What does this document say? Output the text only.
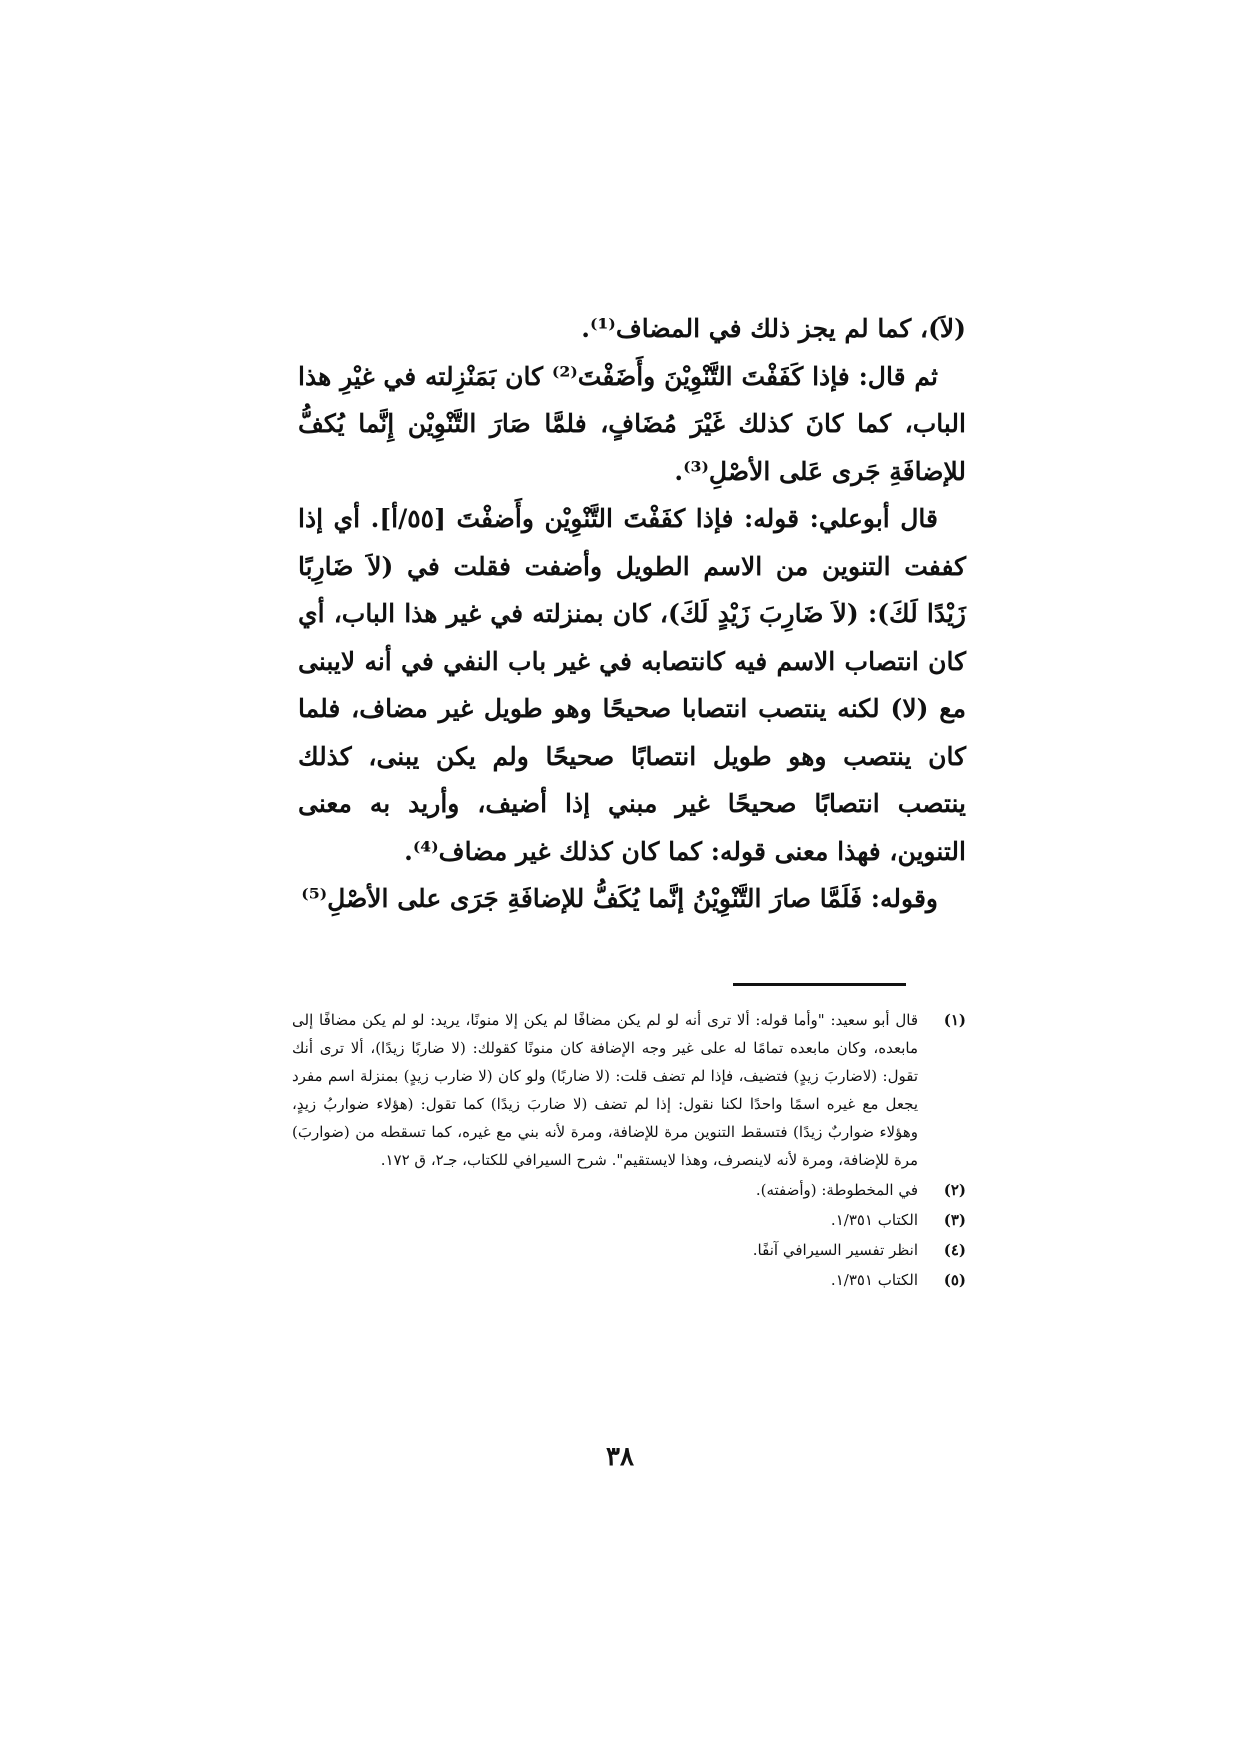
(لاَ)، كما لم يجز ذلك في المضاف⁽¹⁾.

ثم قال: فإذا كَفَفْتَ التَّنْوِيْنَ وأَضَفْتَ⁽²⁾ كان بَمَنْزِلته في غيْرِ هذا الباب، كما كانَ كذلك غَيْرَ مُضَافٍ، فلمَّا صَارَ التَّنْوِيْن إِنَّما يُكفُّ للإضافَةِ جَرى عَلى الأصْلِ⁽³⁾.

قال أبوعلي: قوله: فإذا كفَفْتَ التَّنْوِيْن وأَضفْتَ [٥٥/أ]. أي إذا كففت التنوين من الاسم الطويل وأضفت فقلت في (لاَ ضَارِبًا زَيْدًا لَكَ): (لاَ ضَارِبَ زَيْدٍ لَكَ)، كان بمنزلته في غير هذا الباب، أي كان انتصاب الاسم فيه كانتصابه في غير باب النفي في أنه لايبنى مع (لا) لكنه ينتصب انتصابا صحيحًا وهو طويل غير مضاف، فلما كان ينتصب وهو طويل انتصابًا صحيحًا ولم يكن يبنى، كذلك ينتصب انتصابًا صحيحًا غير مبني إذا أضيف، وأريد به معنى التنوين، فهذا معنى قوله: كما كان كذلك غير مضاف⁽⁴⁾.

وقوله: فَلَمَّا صارَ التَّنْوِيْنُ إنَّما يُكَفُّ للإضافَةِ جَرَى على الأصْلِ⁽⁵⁾

(١)
قال أبو سعيد: "وأما قوله: ألا ترى أنه لو لم يكن مضافًا لم يكن إلا منونًا، يريد: لو لم يكن مضافًا إلى مابعده، وكان مابعده تمامًا له على غير وجه الإضافة كان منونًا كقولك: (لا ضاربًا زيدًا)، ألا ترى أنك تقول: (لاضاربَ زيدٍ) فتضيف، فإذا لم تضف قلت: (لا ضاربًا) ولو كان (لا ضارب زيدٍ) بمنزلة اسم مفرد يجعل مع غيره اسمًا واحدًا لكنا نقول: إذا لم تضف (لا ضاربَ زيدًا) كما تقول: (هؤلاء ضواربُ زيدٍ، وهؤلاء ضواربٌ زيدًا) فتسقط التنوين مرة للإضافة، ومرة لأنه بني مع غيره، كما تسقطه من (ضواربَ) مرة للإضافة، ومرة لأنه لاينصرف، وهذا لايستقيم". شرح السيرافي للكتاب، جـ٢، ق ١٧٢.
(٢)
في المخطوطة: (وأضفته).
(٣)
الكتاب ١/٣٥١.
(٤)
انظر تفسير السيرافي آنفًا.
(٥)
الكتاب ١/٣٥١.
٣٨
